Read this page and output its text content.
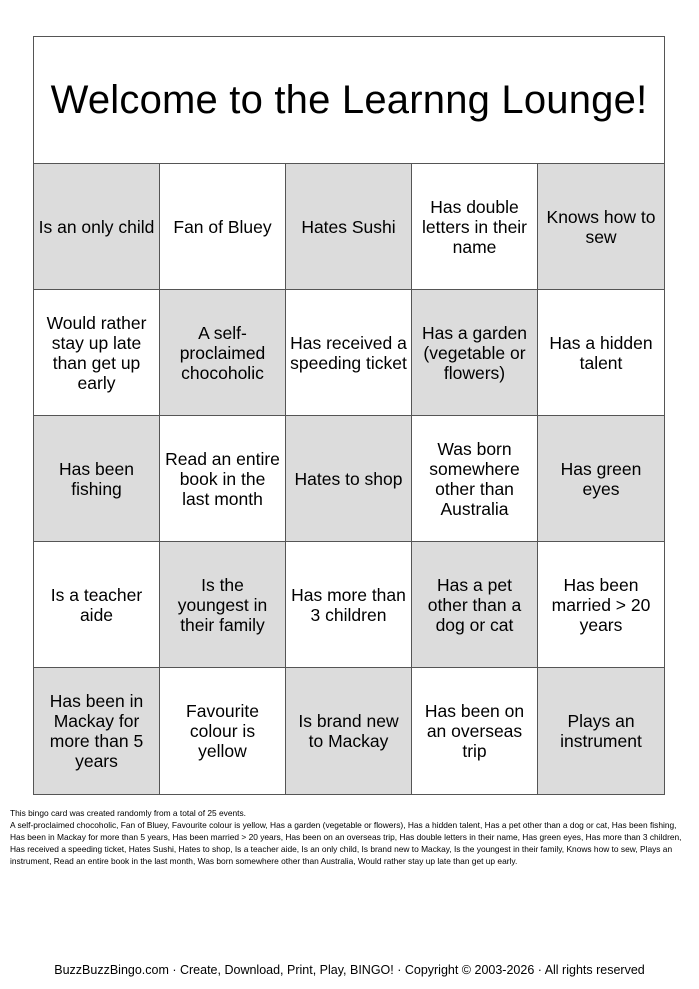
Welcome to the Learnng Lounge!
Is an only child	Fan of Bluey	Hates Sushi
Has double letters in their name
Knows how to sew
Would rather stay up late than get up early
A self-proclaimed chocoholic
Has received a speeding ticket
Has a garden (vegetable or flowers)
Has a hidden talent
Has been fishing
Read an entire book in the last month
Hates to shop
Was born somewhere other than Australia
Has green eyes
Is a teacher aide
Is the youngest in their family
Has more than 3 children
Has a pet other than a dog or cat
Has been married > 20 years
Has been in Mackay for more than 5 years
Favourite colour is yellow
Is brand new to Mackay
Has been on an overseas trip
Plays an instrument
This bingo card was created randomly from a total of 25 events.
A self-proclaimed chocoholic, Fan of Bluey, Favourite colour is yellow, Has a garden (vegetable or flowers), Has a hidden talent, Has a pet other than a dog or cat, Has been fishing, Has been in Mackay for more than 5 years, Has been married > 20 years, Has been on an overseas trip, Has double letters in their name, Has green eyes, Has more than 3 children, Has received a speeding ticket, Hates Sushi, Hates to shop, Is a teacher aide, Is an only child, Is brand new to Mackay, Is the youngest in their family, Knows how to sew, Plays an instrument, Read an entire book in the last month, Was born somewhere other than Australia, Would rather stay up late than get up early.
BuzzBuzzBingo.com · Create, Download, Print, Play, BINGO! · Copyright © 2003-2026 · All rights reserved
